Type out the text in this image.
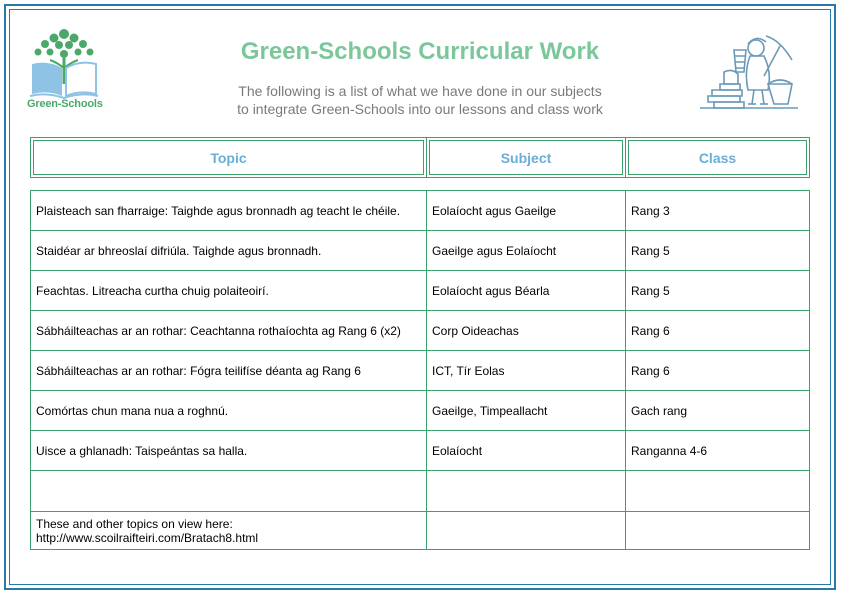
Green-Schools
Green-Schools Curricular Work
The following is a list of what we have done in our subjects
to integrate Green-Schools into our lessons and class work
Topic	Subject	Class
Plaisteach san fharraige: Taighde agus bronnadh ag teacht le chéile.	Eolaíocht agus Gaeilge	Rang 3
Staidéar ar bhreoslaí difriúla. Taighde agus bronnadh.	Gaeilge agus Eolaíocht	Rang 5
Feachtas. Litreacha curtha chuig polaiteoirí.	Eolaíocht agus Béarla	Rang 5
Sábháilteachas ar an rothar: Ceachtanna rothaíochta ag Rang 6 (x2)	Corp Oideachas	Rang 6
Sábháilteachas ar an rothar: Fógra teilifíse déanta ag Rang 6	ICT, Tír Eolas	Rang 6
Comórtas chun mana nua a roghnú.	Gaeilge, Timpeallacht	Gach rang
Uisce a ghlanadh: Taispeántas sa halla.	Eolaíocht	Ranganna 4-6

These and other topics on view here:
http://www.scoilraifteiri.com/Bratach8.html		
